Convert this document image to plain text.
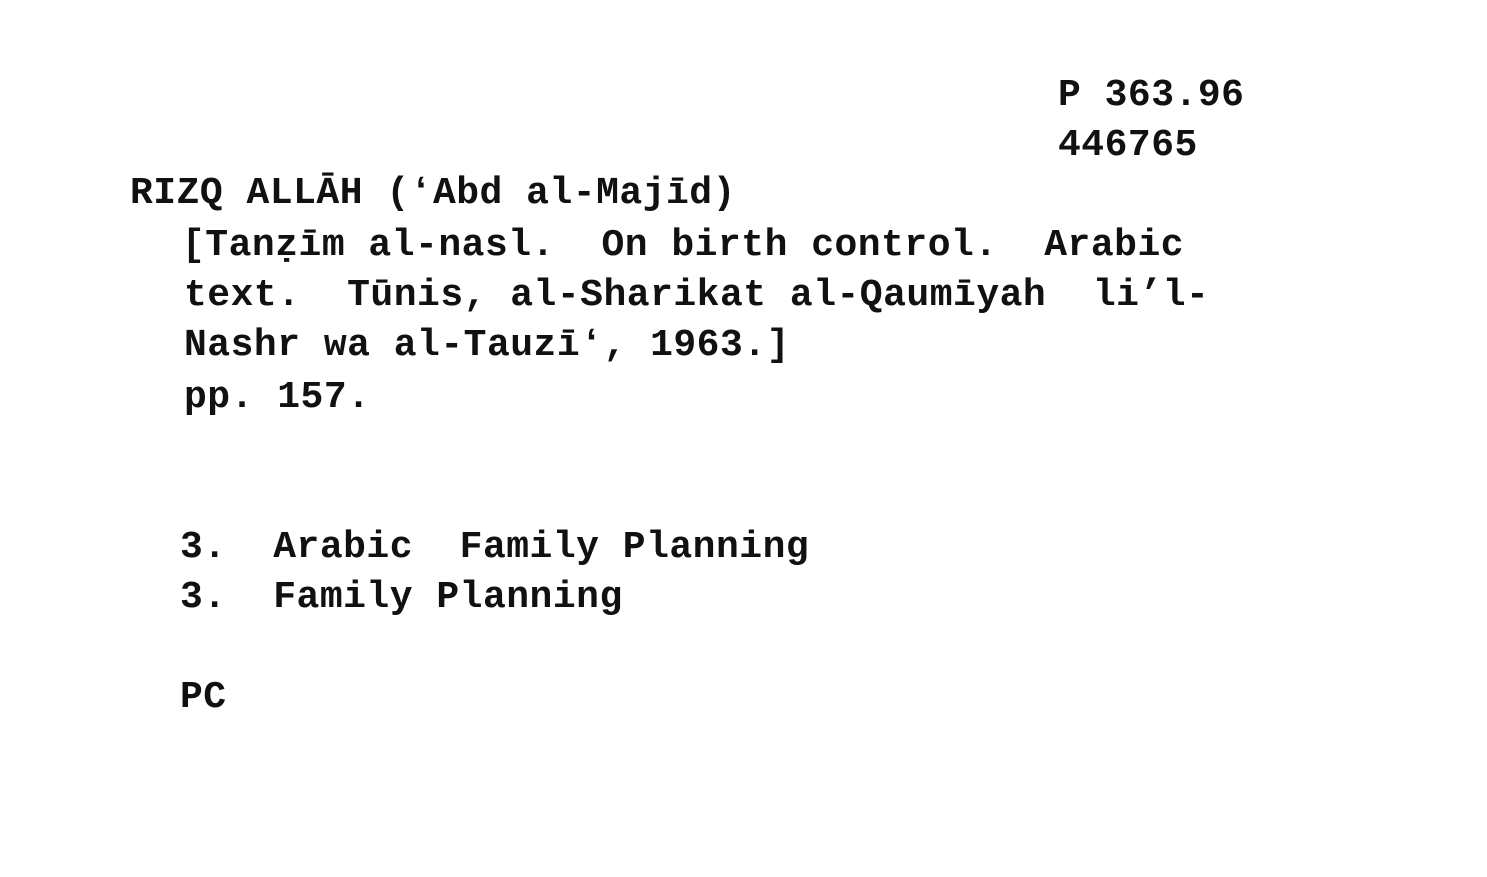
P 363.96
446765
RIZQ ALLĀH (ʻAbd al-Majīd)
[Tanẓīm al-nasl.  On birth control.  Arabic
text.  Tūnis, al-Sharikat al-Qaumīyah  li’l-
Nashr wa al-Tauzīʻ, 1963.]
pp. 157.
3.  Arabic  Family Planning
3.  Family Planning
PC
